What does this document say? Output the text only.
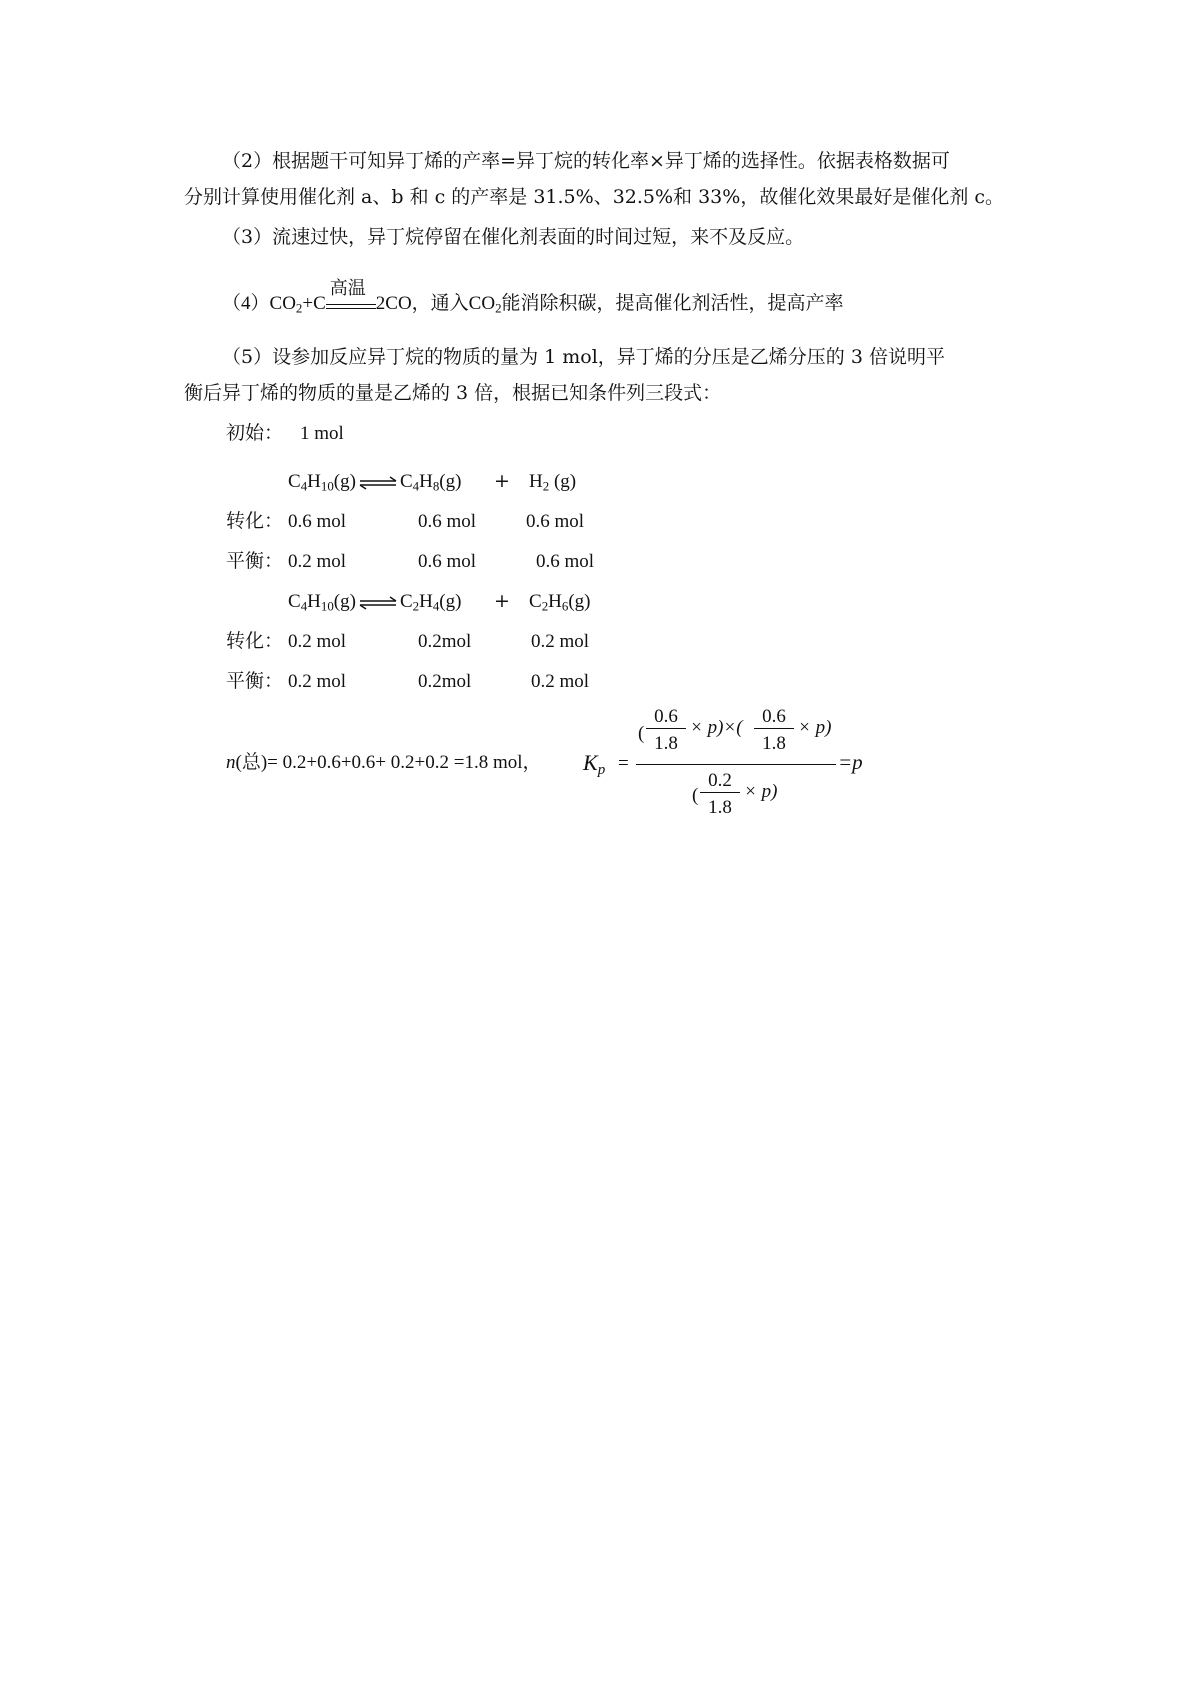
（2）根据题干可知异丁烯的产率=异丁烷的转化率×异丁烯的选择性。依据表格数据可
分别计算使用催化剂 a、b 和 c 的产率是 31.5%、32.5%和 33%，故催化效果最好是催化剂 c。
（3）流速过快，异丁烷停留在催化剂表面的时间过短，来不及反应。
$(4)CO_2+C$
高温
2CO，通入$CO_2$能消除积碳，提高催化剂活性，提高产率
（5）设参加反应异丁烷的物质的量为 1 mol，异丁烯的分压是乙烯分压的 3 倍说明平
衡后异丁烯的物质的量是乙烯的 3 倍，根据已知条件列三段式：
初始： 1 mol
$C_4H_{10}(g)$ ⇌ $C_4H_8(g) + H_2$ (g)
转化： 0.6 mol	0.6 mol	0.6 mol
平衡： 0.2 mol	0.6 mol	0.6 mol
$C_4H_{10}(g)$ ⇌ $C_2H_4(g) + C_2H_6(g)$
转化： 0.2 mol	0.2mol	0.2 mol
平衡： 0.2 mol	0.2mol	0.2 mol
n(总)= 0.2+0.6+0.6+ 0.2+0.2 =1.8 mol， $K_p$ =
(
0.6
1.8
× p)×(
0.6
1.8
× p)
(
0.2
1.8
× p)
=p
